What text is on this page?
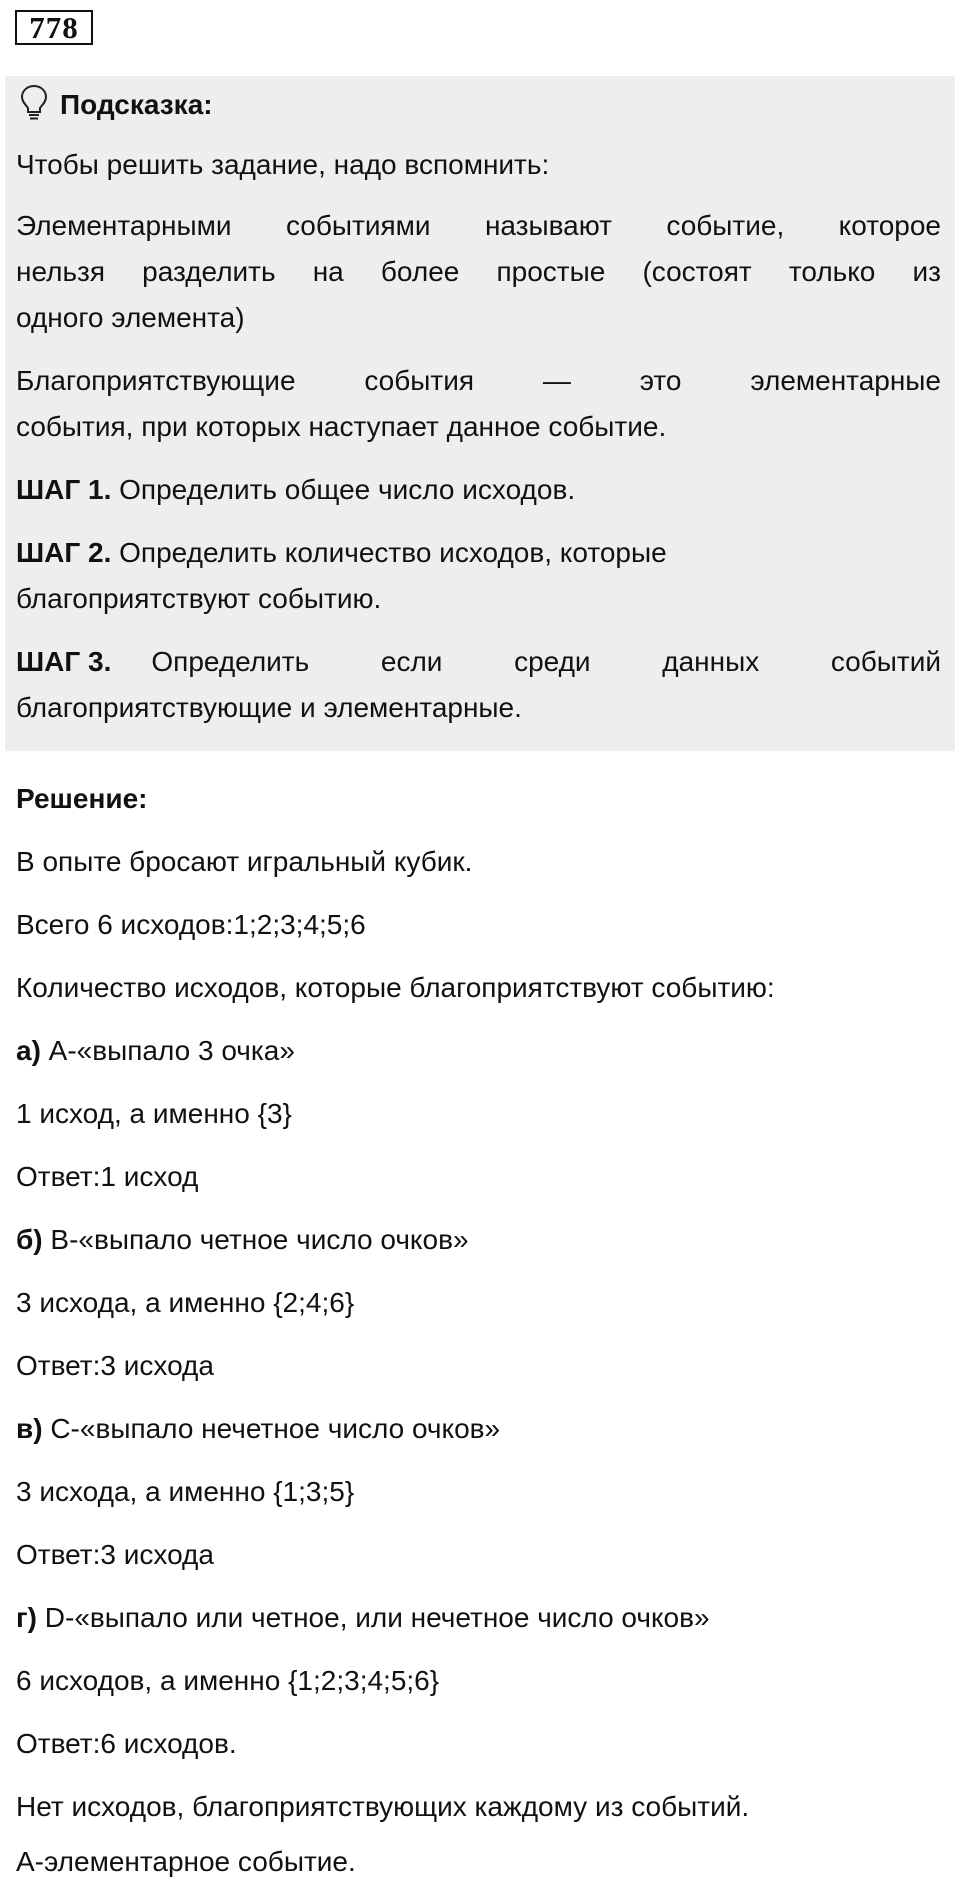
778
Подсказка:
Чтобы решить задание, надо вспомнить:
Элементарными событиями называют событие, которое
нельзя разделить на более простые (состоят только из
одного элемента)
Благоприятствующие события — это элементарные
события, при которых наступает данное событие.
ШАГ 1. Определить общее число исходов.
ШАГ 2. Определить количество исходов, которые
благоприятствуют событию.
ШАГ 3. Определить если среди данных событий
благоприятствующие и элементарные.
Решение:
В опыте бросают игральный кубик.
Всего 6 исходов:1;2;3;4;5;6
Количество исходов, которые благоприятствуют событию:
а) A-«выпало 3 очка»
1 исход, а именно {3}
Ответ:1 исход
б) B-«выпало четное число очков»
3 исхода, а именно {2;4;6}
Ответ:3 исхода
в) C-«выпало нечетное число очков»
3 исхода, а именно {1;3;5}
Ответ:3 исхода
г) D-«выпало или четное, или нечетное число очков»
6 исходов, а именно {1;2;3;4;5;6}
Ответ:6 исходов.
Нет исходов, благоприятствующих каждому из событий.
А-элементарное событие.
